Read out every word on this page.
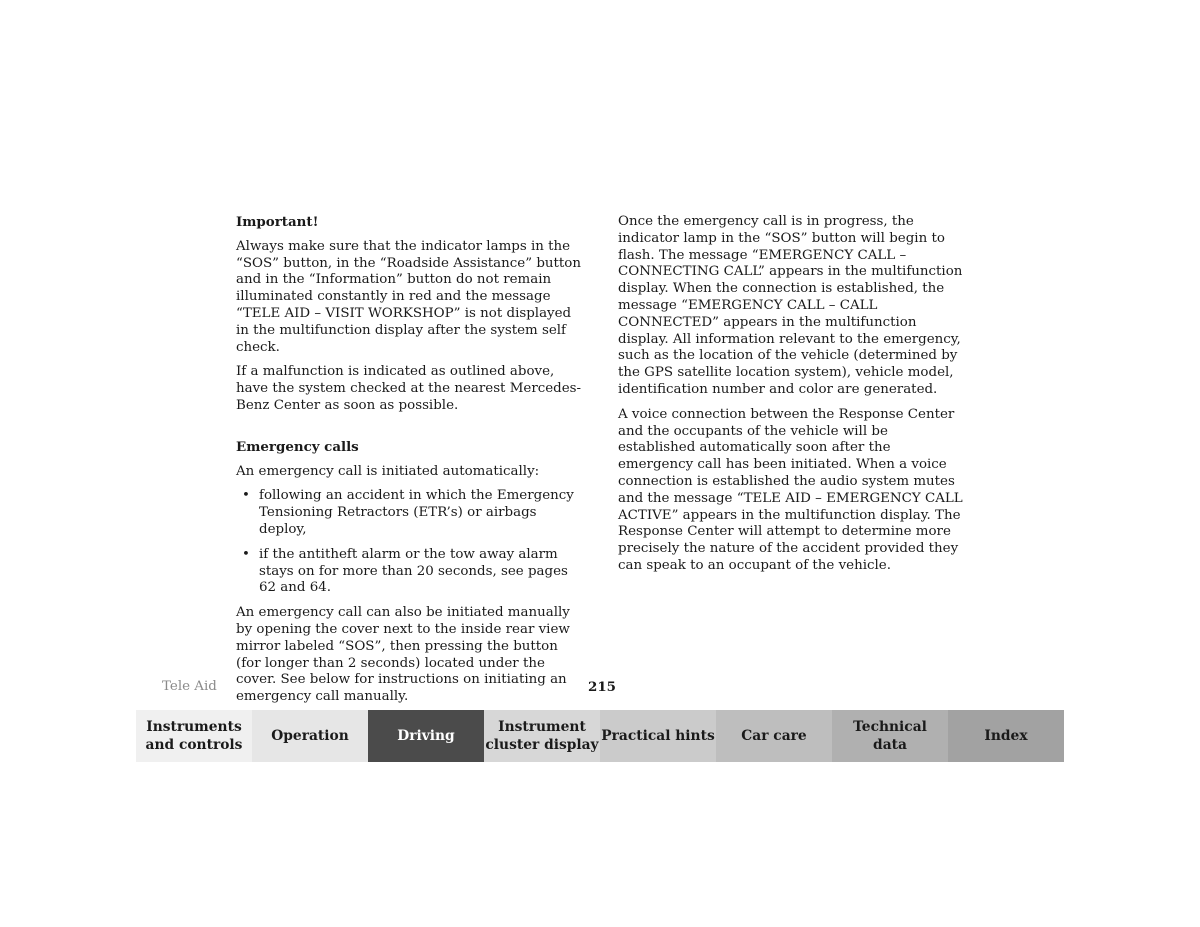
Important!

Always make sure that the indicator lamps in the “SOS” button, in the “Roadside Assistance” button and in the “Information” button do not remain illuminated constantly in red and the message “TELE AID – VISIT WORKSHOP” is not displayed in the multifunction display after the system self check.

If a malfunction is indicated as outlined above, have the system checked at the nearest Mercedes-Benz Center as soon as possible.

Emergency calls

An emergency call is initiated automatically:

• following an accident in which the Emergency Tensioning Retractors (ETR’s) or airbags deploy,
• if the antitheft alarm or the tow away alarm stays on for more than 20 seconds, see pages 62 and 64.

An emergency call can also be initiated manually by opening the cover next to the inside rear view mirror labeled “SOS”, then pressing the button (for longer than 2 seconds) located under the cover. See below for instructions on initiating an emergency call manually.

Once the emergency call is in progress, the indicator lamp in the “SOS” button will begin to flash. The message “EMERGENCY CALL – CONNECTING CALL” appears in the multifunction display. When the connection is established, the message “EMERGENCY CALL – CALL CONNECTED” appears in the multifunction display. All information relevant to the emergency, such as the location of the vehicle (determined by the GPS satellite location system), vehicle model, identification number and color are generated.

A voice connection between the Response Center and the occupants of the vehicle will be established automatically soon after the emergency call has been initiated. When a voice connection is established the audio system mutes and the message “TELE AID – EMERGENCY CALL ACTIVE” appears in the multifunction display. The Response Center will attempt to determine more precisely the nature of the accident provided they can speak to an occupant of the vehicle.

Tele Aid	215
Instruments
and controls
Operation	Driving
Instrument
cluster display
Practical hints	Car care
Technical
data
Index
